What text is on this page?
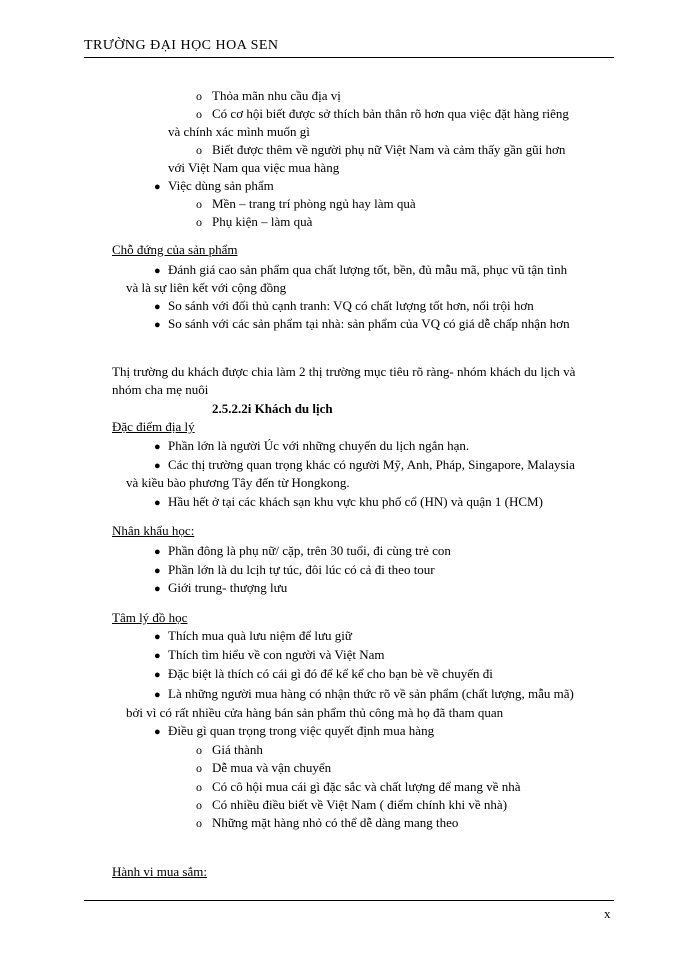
TRƯỜNG ĐẠI HỌC HOA SEN
o Thỏa mãn nhu cầu địa vị
o Có cơ hội biết được sở thích bản thân rõ hơn qua việc đặt hàng riêng
và chính xác mình muốn gì
o Biết được thêm về người phụ nữ Việt Nam và cảm thấy gần gũi hơn
với Việt Nam qua việc mua hàng
● Việc dùng sản phẩm
o Mền – trang trí phòng ngủ hay làm quà
o Phụ kiện – làm quà
Chỗ đứng của sản phẩm
● Đánh giá cao sản phẩm qua chất lượng tốt, bền, đủ mẫu mã, phục vũ tận tình
và là sự liên kết với cộng đồng
● So sánh với đối thủ cạnh tranh: VQ có chất lượng tốt hơn, nổi trội hơn
● So sánh với các sản phẩm tại nhà: sản phẩm của VQ có giá dễ chấp nhận hơn
Thị trường du khách được chia làm 2 thị trường mục tiêu rõ ràng- nhóm khách du lịch và
nhóm cha mẹ nuôi
2.5.2.2i Khách du lịch
Đặc điểm địa lý
● Phần lớn là người Úc với những chuyến du lịch ngắn hạn.
● Các thị trường quan trọng khác có người Mỹ, Anh, Pháp, Singapore, Malaysia
và kiều bào phương Tây đến từ Hongkong.
● Hầu hết ở tại các khách sạn khu vực khu phố cổ (HN) và quận 1 (HCM)
Nhân khẩu học:
● Phần đông là phụ nữ/ cặp, trên 30 tuổi, đi cùng trẻ con
● Phần lớn là du lcịh tự túc, đôi lúc có cả đi theo tour
● Giới trung- thượng lưu
Tâm lý đồ học
● Thích mua quà lưu niệm để lưu giữ
● Thích tìm hiểu về con người và Việt Nam
● Đặc biệt là thích có cái gì đó để kể kể cho bạn bè về chuyến đi
● Là những người mua hàng có nhận thức rõ về sản phẩm (chất lượng, mẫu mã)
bởi vì có rất nhiều cửa hàng bán sản phẩm thủ công mà họ đã tham quan
● Điều gì quan trọng trong việc quyết định mua hàng
o Giá thành
o Dễ mua và vận chuyển
o Có cô hội mua cái gì đặc sắc và chất lượng để mang về nhà
o Có nhiều điều biết về Việt Nam ( điểm chính khi về nhà)
o Những mặt hàng nhỏ có thể dễ dàng mang theo
Hành vi mua sắm:
x
